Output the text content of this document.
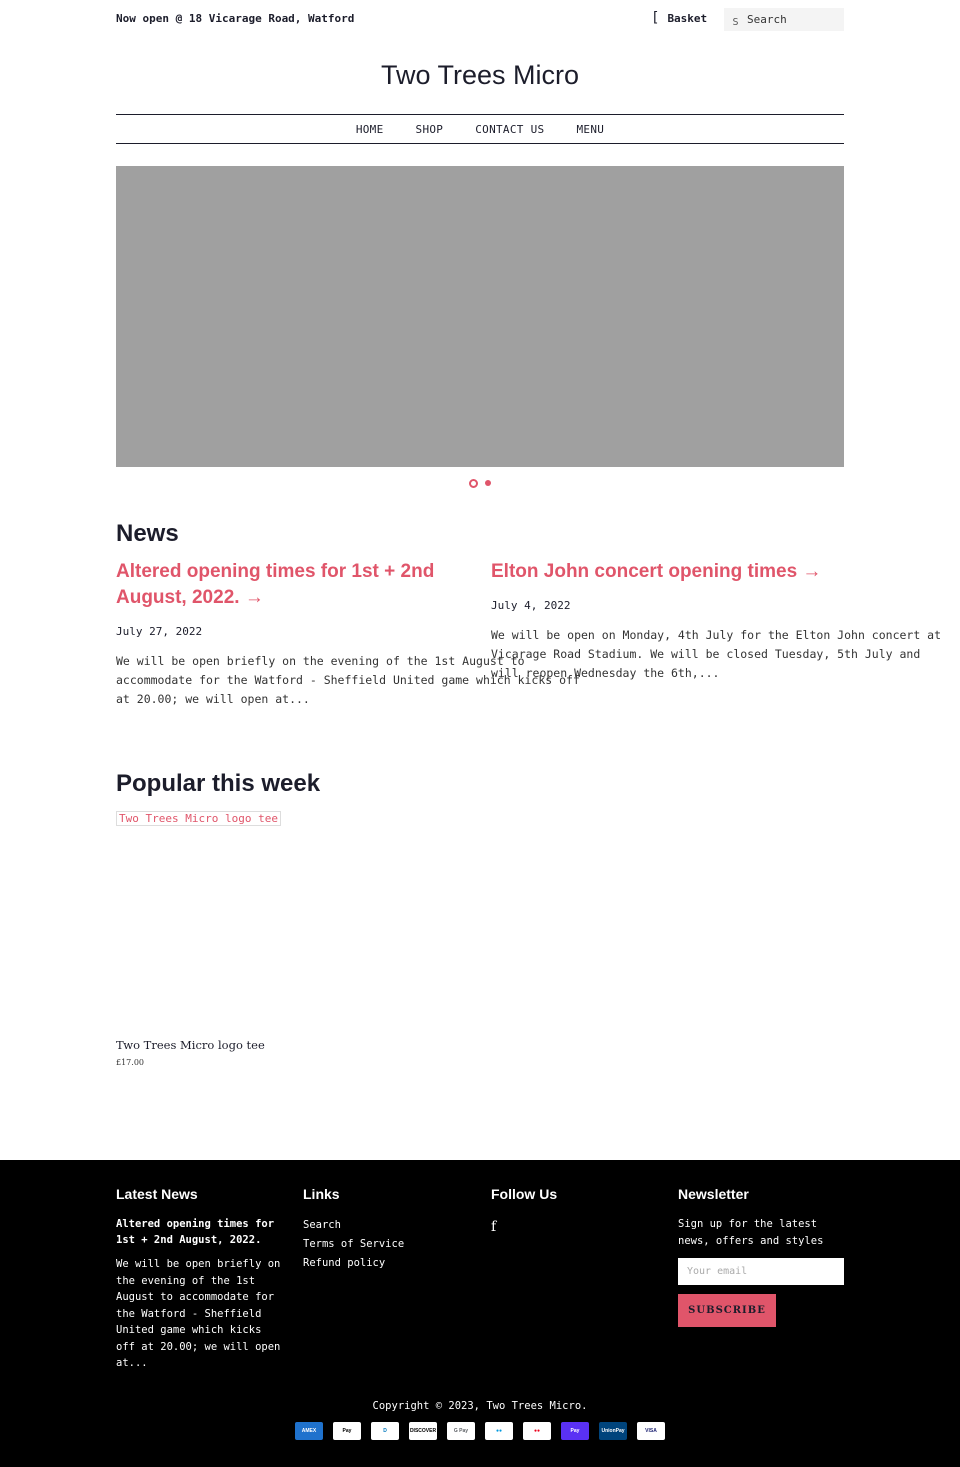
Now open @ 18 Vicarage Road, Watford	[ Basket	S
Search
Two Trees Micro
HOME	SHOP	CONTACT US	MENU
News
Altered opening times for 1st + 2nd August, 2022. →
July 27, 2022
We will be open briefly on the evening of the 1st August to accommodate for the Watford - Sheffield United game which kicks off at 20.00; we will open at...
Elton John concert opening times →
July 4, 2022
We will be open on Monday, 4th July for the Elton John concert at Vicarage Road Stadium. We will be closed Tuesday, 5th July and will reopen Wednesday the 6th,...
Popular this week
Two Trees Micro logo tee
Two Trees Micro logo tee
£17.00
Latest News
Altered opening times for 1st + 2nd August, 2022.
We will be open briefly on the evening of the 1st August to accommodate for the Watford - Sheffield United game which kicks off at 20.00; we will open at...
Links
Search
Terms of Service
Refund policy
Follow Us
f
Newsletter
Sign up for the latest news, offers and styles
Your email SUBSCRIBE
Copyright © 2023, Two Trees Micro.
AMEX	Pay	D	DISCOVER	G Pay	●●	●●	Pay	UnionPay	VISA
